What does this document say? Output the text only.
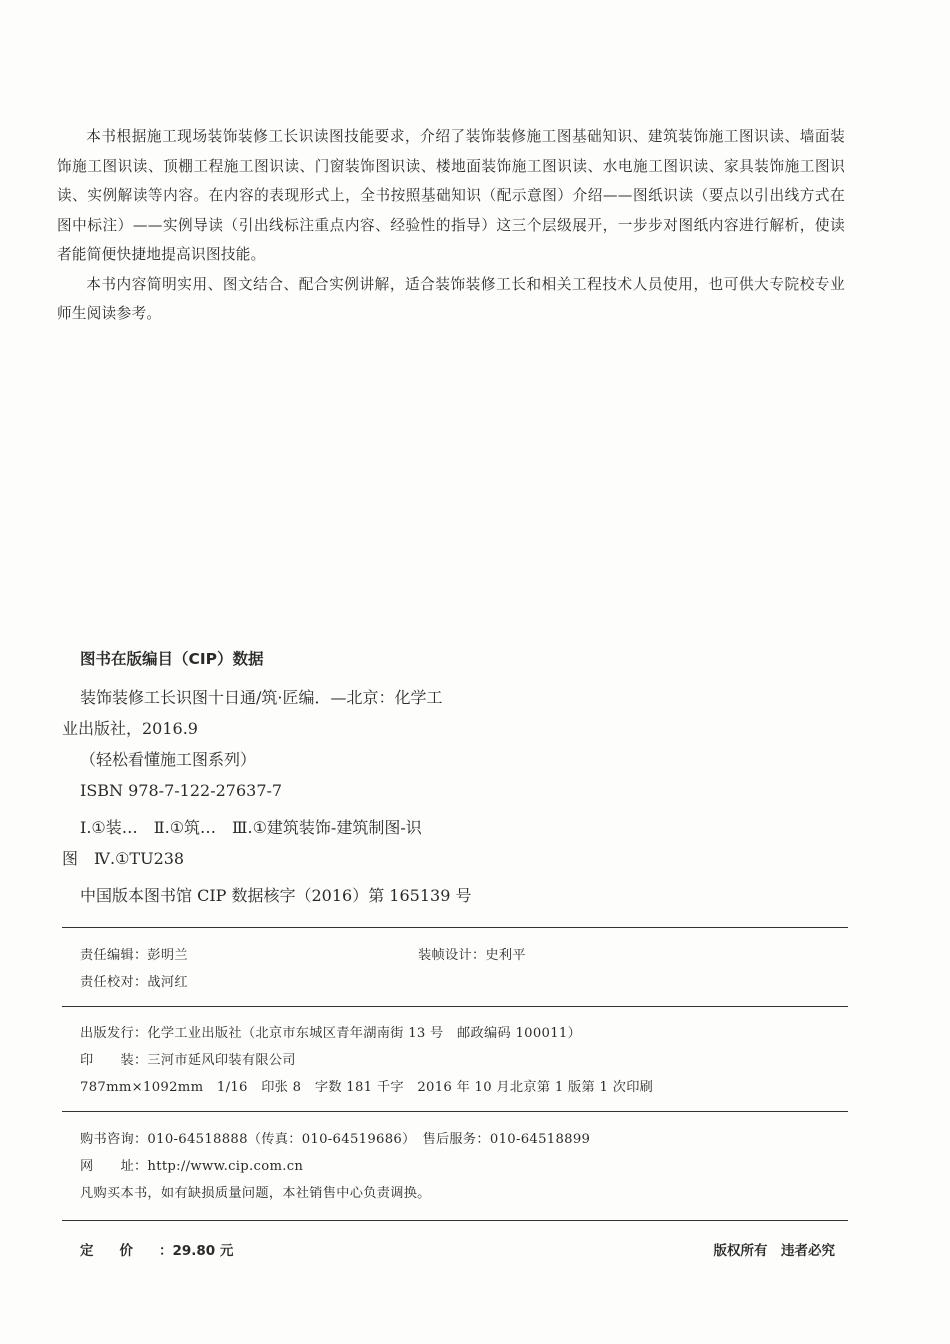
本书根据施工现场装饰装修工长识读图技能要求，介绍了装饰装修施工图基础知识、建筑装饰施工图识读、墙面装饰施工图识读、顶棚工程施工图识读、门窗装饰图识读、楼地面装饰施工图识读、水电施工图识读、家具装饰施工图识读、实例解读等内容。在内容的表现形式上，全书按照基础知识（配示意图）介绍——图纸识读（要点以引出线方式在图中标注）——实例导读（引出线标注重点内容、经验性的指导）这三个层级展开，一步步对图纸内容进行解析，使读者能简便快捷地提高识图技能。

本书内容简明实用、图文结合、配合实例讲解，适合装饰装修工长和相关工程技术人员使用，也可供大专院校专业师生阅读参考。

图书在版编目（CIP）数据
装饰装修工长识图十日通/筑·匠编．—北京：化学工
业出版社，2016.9
（轻松看懂施工图系列）
ISBN 978-7-122-27637-7
Ⅰ.①装…　Ⅱ.①筑…　Ⅲ.①建筑装饰-建筑制图-识
图　Ⅳ.①TU238
中国版本图书馆 CIP 数据核字（2016）第 165139 号
责任编辑：彭明兰
责任校对：战河红
装帧设计：史利平
出版发行：化学工业出版社（北京市东城区青年湖南街 13 号　邮政编码 100011）
印　　装：三河市延风印装有限公司
787mm×1092mm　1/16　印张 8　字数 181 千字　2016 年 10 月北京第 1 版第 1 次印刷
购书咨询：010-64518888（传真：010-64519686）　售后服务：010-64518899
网　　址：http://www.cip.com.cn
凡购买本书，如有缺损质量问题，本社销售中心负责调换。
定价：29.80 元	版权所有　违者必究
